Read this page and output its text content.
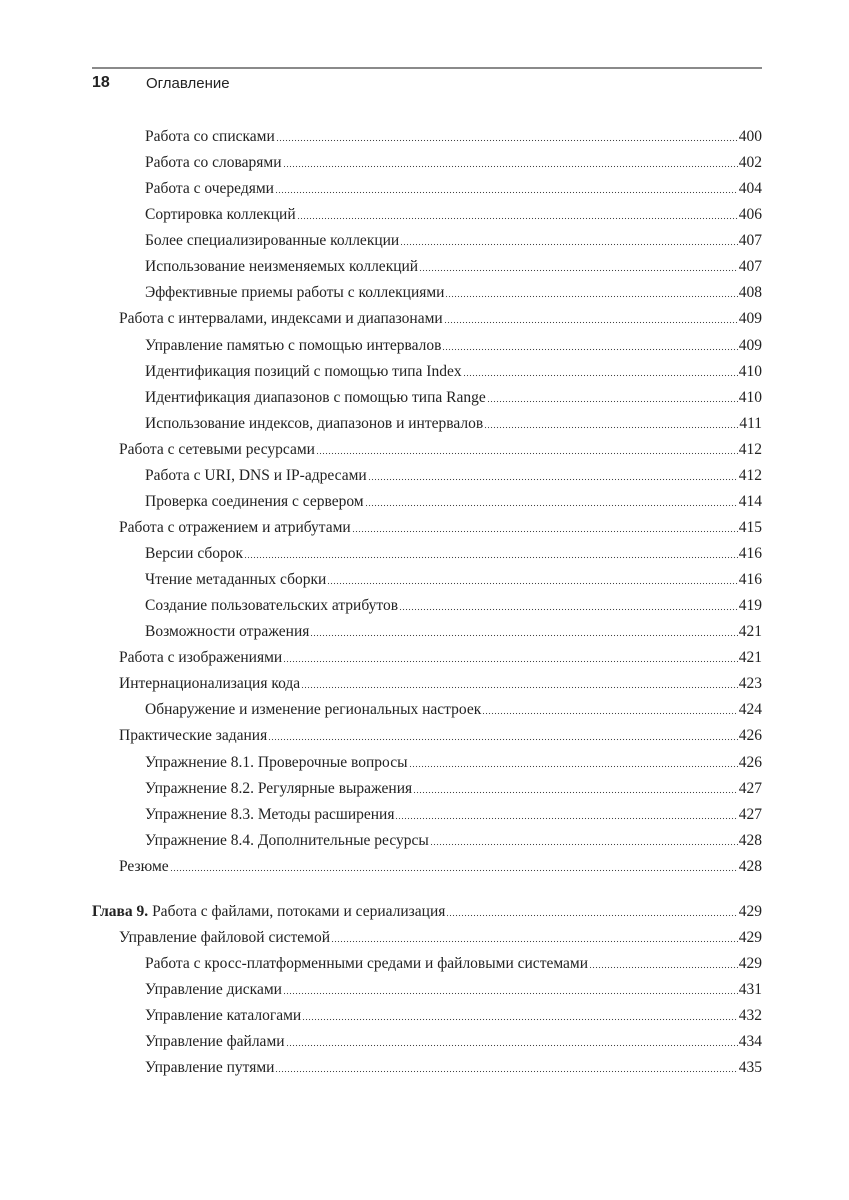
18	Оглавление
Работа со списками	400
Работа со словарями	402
Работа с очередями	404
Сортировка коллекций	406
Более специализированные коллекции	407
Использование неизменяемых коллекций	407
Эффективные приемы работы с коллекциями	408
Работа с интервалами, индексами и диапазонами	409
Управление памятью с помощью интервалов	409
Идентификация позиций с помощью типа Index	410
Идентификация диапазонов с помощью типа Range	410
Использование индексов, диапазонов и интервалов	411
Работа с сетевыми ресурсами	412
Работа с URI, DNS и IP-адресами	412
Проверка соединения с сервером	414
Работа с отражением и атрибутами	415
Версии сборок	416
Чтение метаданных сборки	416
Создание пользовательских атрибутов	419
Возможности отражения	421
Работа с изображениями	421
Интернационализация кода	423
Обнаружение и изменение региональных настроек	424
Практические задания	426
Упражнение 8.1. Проверочные вопросы	426
Упражнение 8.2. Регулярные выражения	427
Упражнение 8.3. Методы расширения	427
Упражнение 8.4. Дополнительные ресурсы	428
Резюме	428
Глава 9. Работа с файлами, потоками и сериализация	429
Управление файловой системой	429
Работа с кросс-платформенными средами и файловыми системами	429
Управление дисками	431
Управление каталогами	432
Управление файлами	434
Управление путями	435
